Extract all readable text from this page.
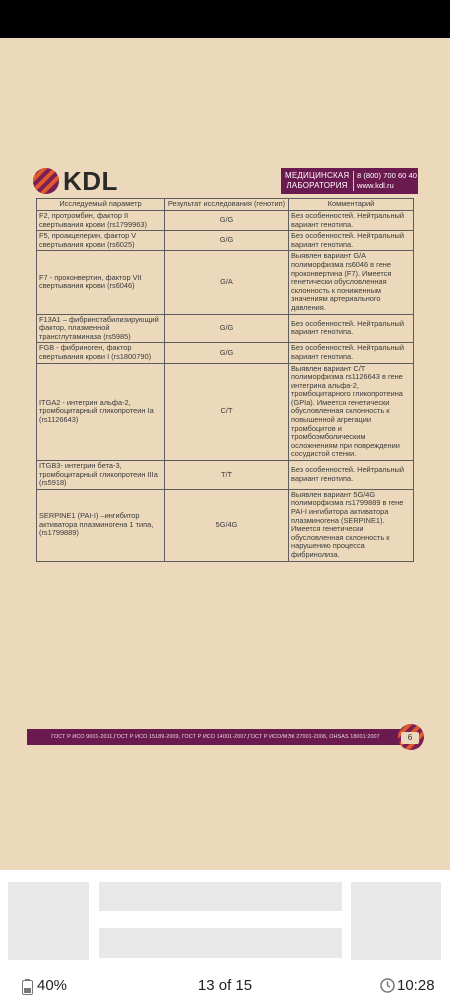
KDL	МЕДИЦИНСКАЯ ЛАБОРАТОРИЯ
8 (800) 700 60 40
www.kdl.ru
Исследуемый параметр	Результат исследования (генотип)	Комментарий
F2, протромбин, фактор II свертывания крови (rs1799963)	G/G	Без особенностей. Нейтральный вариант генотипа.
F5, проакцелерин, фактор V свертывания крови (rs6025)	G/G	Без особенностей. Нейтральный вариант генотипа.
F7 - проконвертин, фактор VII свертывания крови (rs6046)	G/A	Выявлен вариант G/A полиморфизма rs6046 в гене проконвертина (F7). Имеется генетически обусловленная склонность к пониженным значениям артериального давления.
F13A1 – фибринстабилизирующий фактор, плазменной трансглутаминаза (rs5985)	G/G	Без особенностей. Нейтральный вариант генотипа.
FGB - фибриноген, фактор свертывания крови I (rs1800790)	G/G	Без особенностей. Нейтральный вариант генотипа.
ITGA2 - интегрин альфа-2, тромбоцитарный гликопротеин Ia (rs1126643)	C/T	Выявлен вариант C/T полиморфизма rs1126643 в гене интегрина альфа-2, тромбоцитарного гликопротеина (GPIa). Имеется генетически обусловленная склонность к повышенной агрегации тромбоцитов и тромбоэмболическим осложнениям при повреждении сосудистой стенки.
ITGB3- интегрин бета-3, тромбоцитарный гликопротеин IIIa (rs5918)	T/T	Без особенностей. Нейтральный вариант генотипа.
SERPINE1 (PAI-I) –ингибитор активатора плазминогена 1 типа, (rs1799889)	5G/4G	Выявлен вариант 5G/4G полиморфизма rs1799889 в гене PAI-I ингибитора активатора плазминогена (SERPINE1). Имеется генетически обусловленная склонность к нарушению процесса фибринолиза.
ГОСТ Р ИСО 9001-2011,ГОСТ Р ИСО 15189-2009, ГОСТ Р ИСО 14001-2007,ГОСТ Р ИСО/МЭК 27001-2006, OHSAS 18001:2007	6
40%	13 of 15	10:28
